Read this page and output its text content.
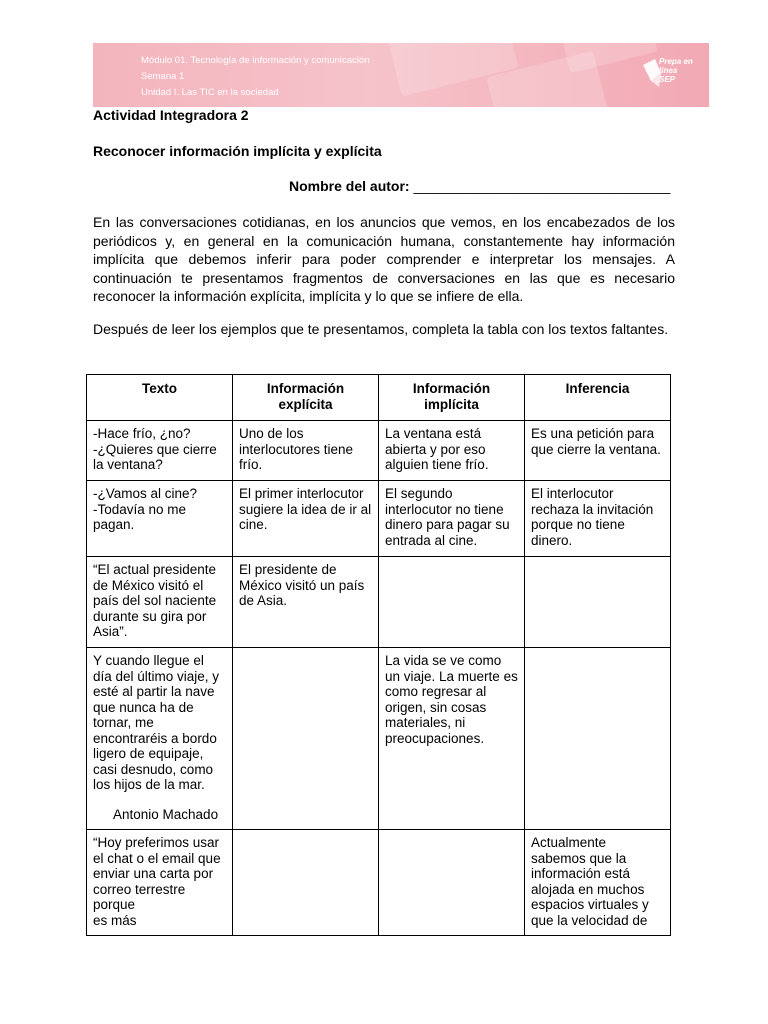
Módulo 01. Tecnología de información y comunicación
Semana 1
Unidad I. Las TIC en la sociedad
Prepa en línea SEP
Actividad Integradora 2
Reconocer información implícita y explícita
Nombre del autor: _________________________________
En las conversaciones cotidianas, en los anuncios que vemos, en los encabezados de los periódicos y, en general en la comunicación humana, constantemente hay información implícita que debemos inferir para poder comprender e interpretar los mensajes. A continuación te presentamos fragmentos de conversaciones en las que es necesario reconocer la información explícita, implícita y lo que se infiere de ella.
Después de leer los ejemplos que te presentamos, completa la tabla con los textos faltantes.
Texto	Información explícita	Información implícita	Inferencia
-Hace frío, ¿no?
-¿Quieres que cierre la ventana?	Uno de los interlocutores tiene frío.	La ventana está abierta y por eso alguien tiene frío.	Es una petición para que cierre la ventana.
-¿Vamos al cine?
-Todavía no me pagan.	El primer interlocutor sugiere la idea de ir al cine.	El segundo interlocutor no tiene dinero para pagar su entrada al cine.	El interlocutor rechaza la invitación porque no tiene dinero.
“El actual presidente de México visitó el país del sol naciente durante su gira por Asia”.	El presidente de México visitó un país de Asia.		
Y cuando llegue el día del último viaje, y esté al partir la nave que nunca ha de tornar, me encontraréis a bordo ligero de equipaje, casi desnudo, como los hijos de la mar.
Antonio Machado		La vida se ve como un viaje. La muerte es como regresar al origen, sin cosas materiales, ni preocupaciones.	
“Hoy preferimos usar el chat o el email que enviar una carta por correo terrestre porque
es más			Actualmente sabemos que la información está alojada en muchos espacios virtuales y que la velocidad de
